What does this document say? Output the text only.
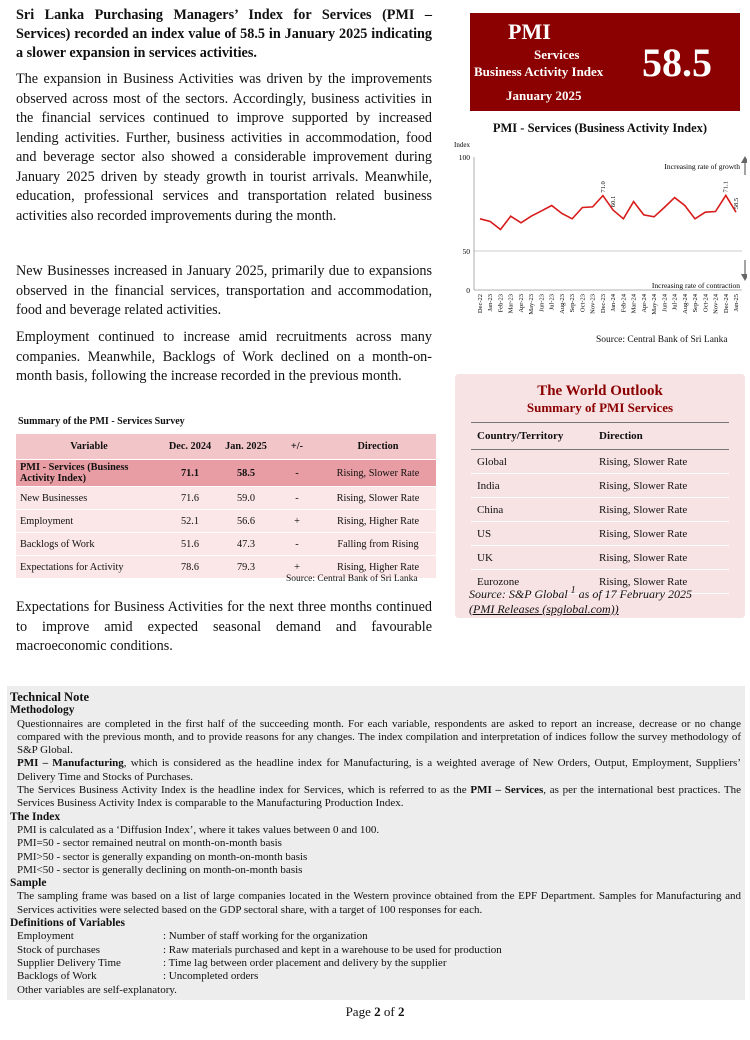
Sri Lanka Purchasing Managers’ Index for Services (PMI – Services) recorded an index value of 58.5 in January 2025 indicating a slower expansion in services activities.

The expansion in Business Activities was driven by the improvements observed across most of the sectors. Accordingly, business activities in the financial services continued to improve supported by increased lending activities. Further, business activities in accommodation, food and beverage sector also showed a considerable improvement during January 2025 driven by steady growth in tourist arrivals. Meanwhile, education, professional services and transportation related business activities also recorded improvements during the month.

New Businesses increased in January 2025, primarily due to expansions observed in the financial services, transportation and accommodation, food and beverage related activities.

Employment continued to increase amid recruitments across many companies. Meanwhile, Backlogs of Work declined on a month-on-month basis, following the increase recorded in the previous month.

Expectations for Business Activities for the next three months continued to improve amid expected seasonal demand and favourable macroeconomic conditions.

PMI
Services
Business Activity Index
January 2025
58.5
PMI - Services (Business Activity Index)
Index
0
50
100
Increasing rate of growth
Increasing rate of contraction
Dec-22 Jan-23 Feb-23 Mar-23 Apr-23 May-23 Jun-23 Jul-23 Aug-23 Sep-23 Oct-23 Nov-23 Dec-23 Jan-24 Feb-24 Mar-24 Apr-24 May-24 Jun-24 Jul-24 Aug-24 Sep-24 Oct-24 Nov-24 Dec-24 Jan-25
71.0
60.1
71.1
58.5
Source: Central Bank of Sri Lanka
Summary of the PMI - Services Survey
Variable	Dec. 2024	Jan. 2025	+/-	Direction
PMI - Services (Business Activity Index)	71.1	58.5	-	Rising, Slower Rate
New Businesses	71.6	59.0	-	Rising, Slower Rate
Employment	52.1	56.6	+	Rising, Higher Rate
Backlogs of Work	51.6	47.3	-	Falling from Rising
Expectations for Activity	78.6	79.3	+	Rising, Higher Rate
Source: Central Bank of Sri Lanka
The World Outlook
Summary of PMI Services
Country/Territory	Direction
Global	Rising, Slower Rate
India	Rising, Slower Rate
China	Rising, Slower Rate
US	Rising, Slower Rate
UK	Rising, Slower Rate
Eurozone	Rising, Slower Rate
Source: S&P Global $^1$ as of 17 February 2025
(PMI Releases (spglobal.com))
Technical Note
Methodology
Questionnaires are completed in the first half of the succeeding month. For each variable, respondents are asked to report an increase, decrease or no change compared with the previous month, and to provide reasons for any changes. The index compilation and interpretation of indices follow the survey methodology of S&P Global.
PMI – Manufacturing, which is considered as the headline index for Manufacturing, is a weighted average of New Orders, Output, Employment, Suppliers’ Delivery Time and Stocks of Purchases.
The Services Business Activity Index is the headline index for Services, which is referred to as the PMI – Services, as per the international best practices. The Services Business Activity Index is comparable to the Manufacturing Production Index.
The Index
PMI is calculated as a ‘Diffusion Index’, where it takes values between 0 and 100.
PMI=50 - sector remained neutral on month-on-month basis
PMI>50 - sector is generally expanding on month-on-month basis
PMI<50 - sector is generally declining on month-on-month basis
Sample
The sampling frame was based on a list of large companies located in the Western province obtained from the EPF Department. Samples for Manufacturing and Services activities were selected based on the GDP sectoral share, with a target of 100 responses for each.
Definitions of Variables
Employment	: Number of staff working for the organization
Stock of purchases	: Raw materials purchased and kept in a warehouse to be used for production
Supplier Delivery Time	: Time lag between order placement and delivery by the supplier
Backlogs of Work	: Uncompleted orders
Other variables are self-explanatory.
Page 2 of 2
